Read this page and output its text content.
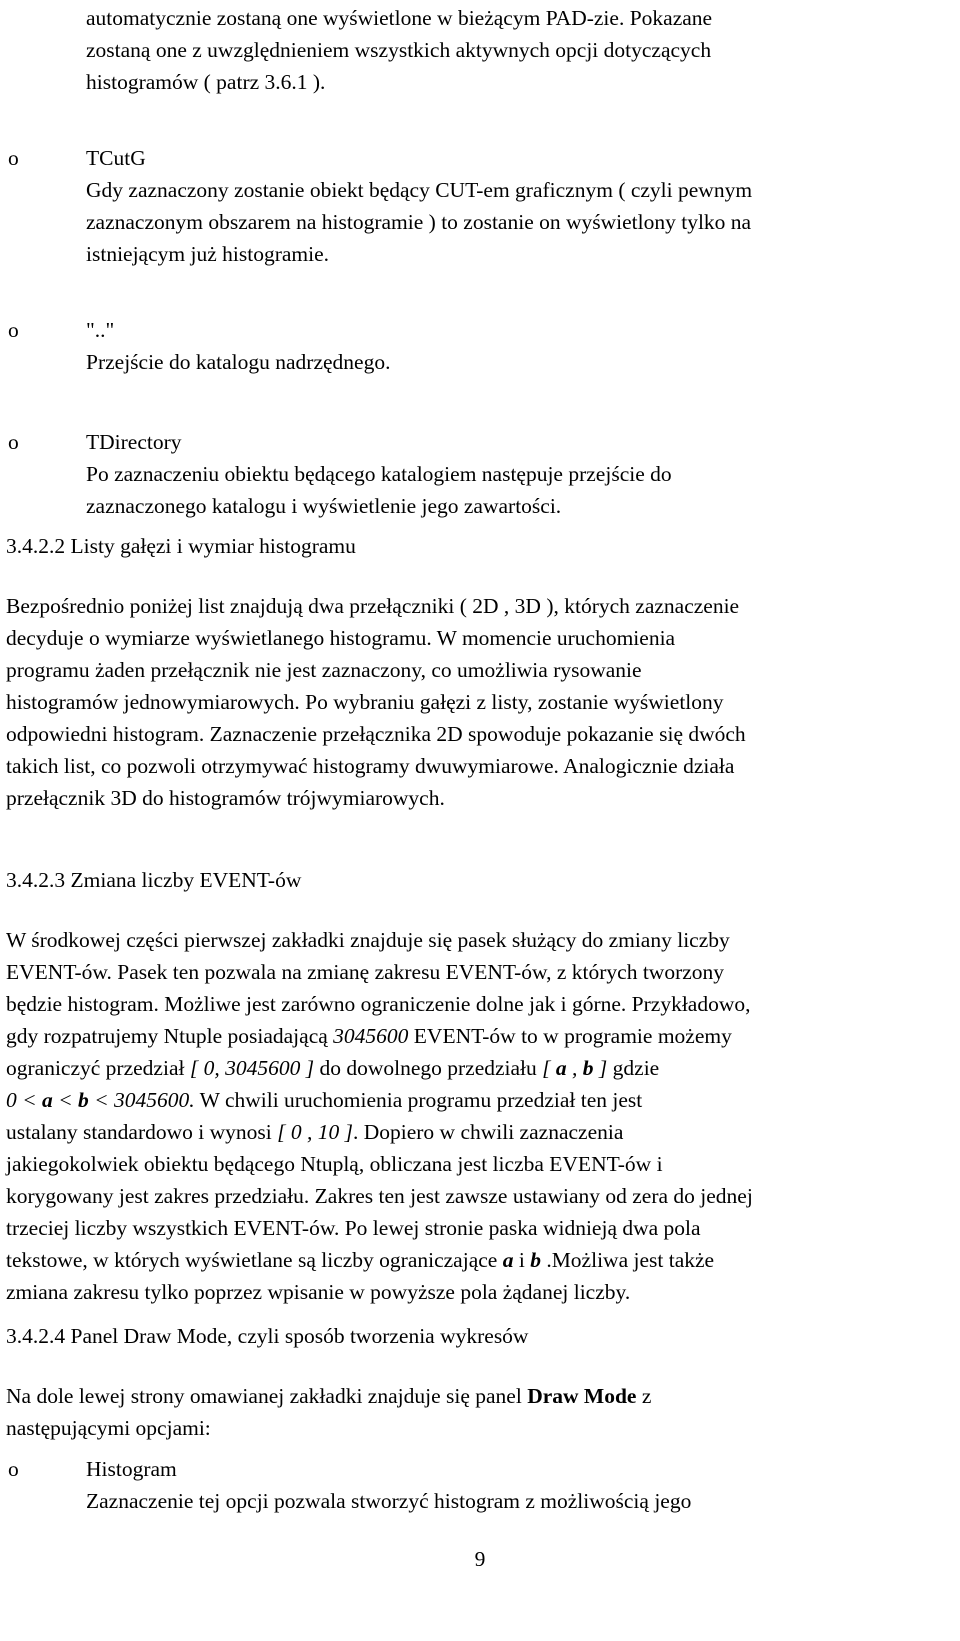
automatycznie zostaną one wyświetlone w bieżącym PAD-zie. Pokazane
zostaną one z uwzględnieniem wszystkich aktywnych opcji dotyczących
histogramów ( patrz 3.6.1 ).
o	TCutG
Gdy zaznaczony zostanie obiekt będący CUT-em graficznym ( czyli pewnym
zaznaczonym obszarem na histogramie ) to zostanie on wyświetlony tylko na
istniejącym już histogramie.
o	".."
Przejście do katalogu nadrzędnego.
o	TDirectory
Po zaznaczeniu obiektu będącego katalogiem następuje przejście do
zaznaczonego katalogu i wyświetlenie jego zawartości.
3.4.2.2 Listy gałęzi i wymiar histogramu
Bezpośrednio poniżej list znajdują dwa przełączniki ( 2D , 3D ), których zaznaczenie
decyduje o wymiarze wyświetlanego histogramu. W momencie uruchomienia
programu żaden przełącznik nie jest zaznaczony, co umożliwia rysowanie
histogramów jednowymiarowych. Po wybraniu gałęzi z listy, zostanie wyświetlony
odpowiedni histogram. Zaznaczenie przełącznika 2D spowoduje pokazanie się dwóch
takich list, co pozwoli otrzymywać histogramy dwuwymiarowe. Analogicznie działa
przełącznik 3D do histogramów trójwymiarowych.
3.4.2.3 Zmiana liczby EVENT-ów
W środkowej części pierwszej zakładki znajduje się pasek służący do zmiany liczby
EVENT-ów. Pasek ten pozwala na zmianę zakresu EVENT-ów, z których tworzony
będzie histogram. Możliwe jest zarówno ograniczenie dolne jak i górne. Przykładowo,
gdy rozpatrujemy Ntuple posiadającą 3045600 EVENT-ów to w programie możemy
ograniczyć przedział [ 0, 3045600 ] do dowolnego przedziału [ a , b ] gdzie
0 < a < b < 3045600. W chwili uruchomienia programu przedział ten jest
ustalany standardowo i wynosi [ 0 , 10 ]. Dopiero w chwili zaznaczenia
jakiegokolwiek obiektu będącego Ntuplą, obliczana jest liczba EVENT-ów i
korygowany jest zakres przedziału. Zakres ten jest zawsze ustawiany od zera do jednej
trzeciej liczby wszystkich EVENT-ów. Po lewej stronie paska widnieją dwa pola
tekstowe, w których wyświetlane są liczby ograniczające a i b .Możliwa jest także
zmiana zakresu tylko poprzez wpisanie w powyższe pola żądanej liczby.
3.4.2.4 Panel Draw Mode, czyli sposób tworzenia wykresów
Na dole lewej strony omawianej zakładki znajduje się panel Draw Mode z
następującymi opcjami:
o	Histogram
Zaznaczenie tej opcji pozwala stworzyć histogram z możliwością jego
9
